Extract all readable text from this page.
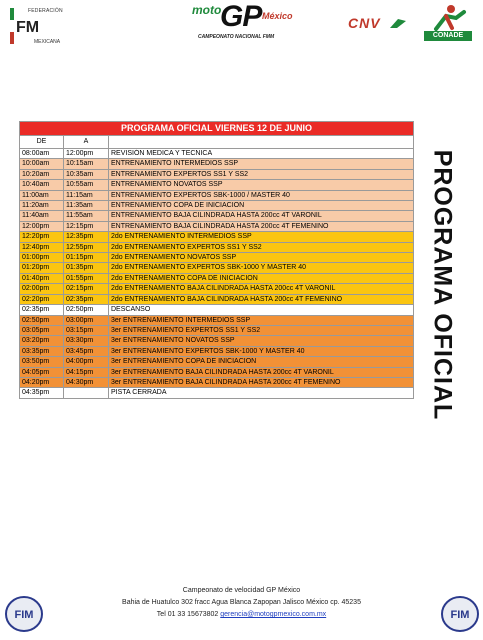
FEDERACIÓN
FM
MEXICANA
moto
GP México
CAMPEONATO NACIONAL FMM
CNV
CONADE
PROGRAMA OFICIAL VIERNES 12 DE JUNIO		
DE	A	
08:00am	12:00pm	REVISIÓN MEDICA Y TECNICA
10:00am	10:15am	ENTRENAMIENTO INTERMEDIOS SSP
10:20am	10:35am	ENTRENAMIENTO EXPERTOS SS1 Y SS2
10:40am	10:55am	ENTRENAMIENTO NOVATOS SSP
11:00am	11:15am	ENTRENAMIENTO EXPERTOS SBK-1000 / MASTER 40
11:20am	11:35am	ENTRENAMIENTO COPA DE INICIACION
11:40am	11:55am	ENTRENAMIENTO BAJA CILINDRADA HASTA 200cc 4T VARONIL
12:00pm	12:15pm	ENTRENAMIENTO BAJA CILINDRADA HASTA 200cc 4T FEMENINO
12:20pm	12:35pm	2do ENTRENAMIENTO INTERMEDIOS SSP
12:40pm	12:55pm	2do ENTRENAMIENTO EXPERTOS SS1 Y SS2
01:00pm	01:15pm	2do ENTRENAMIENTO NOVATOS SSP
01:20pm	01:35pm	2do ENTRENAMIENTO EXPERTOS SBK-1000 Y MASTER 40
01:40pm	01:55pm	2do ENTRENAMIENTO COPA DE INICIACION
02:00pm	02:15pm	2do ENTRENAMIENTO BAJA CILINDRADA HASTA 200cc 4T VARONIL
02:20pm	02:35pm	2do ENTRENAMIENTO BAJA CILINDRADA HASTA 200cc 4T FEMENINO
02:35pm	02:50pm	DESCANSO
02:50pm	03:00pm	3er ENTRENAMIENTO INTERMEDIOS SSP
03:05pm	03:15pm	3er ENTRENAMIENTO EXPERTOS SS1 Y SS2
03:20pm	03:30pm	3er ENTRENAMIENTO NOVATOS SSP
03:35pm	03:45pm	3er ENTRENAMIENTO EXPERTOS SBK-1000 Y MASTER 40
03:50pm	04:00pm	3er ENTRENAMIENTO COPA DE INICIACION
04:05pm	04:15pm	3er ENTRENAMIENTO BAJA CILINDRADA HASTA 200cc 4T VARONIL
04:20pm	04:30pm	3er ENTRENAMIENTO BAJA CILINDRADA HASTA 200cc 4T FEMENINO
04:35pm		PISTA CERRADA	PROGRAMA OFICIAL
FIM
Campeonato de velocidad GP México
Bahia de Huatulco 302 fracc Agua Blanca Zapopan Jalisco México cp. 45235
Tel 01 33 15673802 gerencia@motogpmexico.com.mx	FIM
